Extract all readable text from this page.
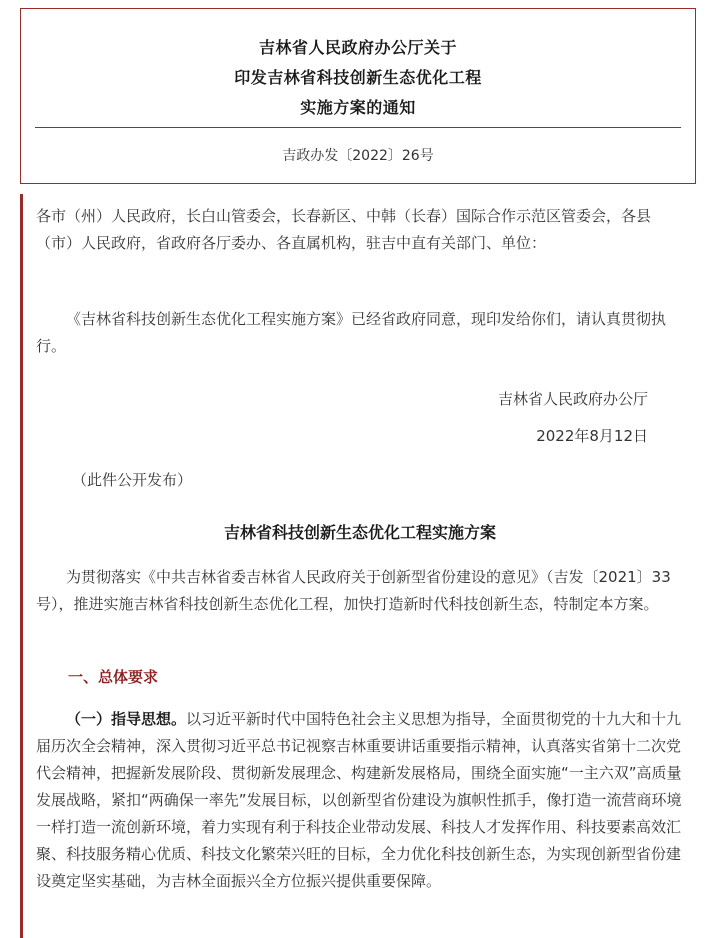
吉林省人民政府办公厅关于
印发吉林省科技创新生态优化工程
实施方案的通知
吉政办发〔2022〕26号

各市（州）人民政府，长白山管委会，长春新区、中韩（长春）国际合作示范区管委会，各县（市）人民政府，省政府各厅委办、各直属机构，驻吉中直有关部门、单位：

《吉林省科技创新生态优化工程实施方案》已经省政府同意，现印发给你们，请认真贯彻执行。

吉林省人民政府办公厅
2022年8月12日
（此件公开发布）
吉林省科技创新生态优化工程实施方案

为贯彻落实《中共吉林省委吉林省人民政府关于创新型省份建设的意见》（吉发〔2021〕33号），推进实施吉林省科技创新生态优化工程，加快打造新时代科技创新生态，特制定本方案。

一、总体要求

（一）指导思想。以习近平新时代中国特色社会主义思想为指导，全面贯彻党的十九大和十九届历次全会精神，深入贯彻习近平总书记视察吉林重要讲话重要指示精神，认真落实省第十二次党代会精神，把握新发展阶段、贯彻新发展理念、构建新发展格局，围绕全面实施“一主六双”高质量发展战略，紧扣“两确保一率先”发展目标，以创新型省份建设为旗帜性抓手，像打造一流营商环境一样打造一流创新环境，着力实现有利于科技企业带动发展、科技人才发挥作用、科技要素高效汇聚、科技服务精心优质、科技文化繁荣兴旺的目标，全力优化科技创新生态，为实现创新型省份建设奠定坚实基础，为吉林全面振兴全方位振兴提供重要保障。
